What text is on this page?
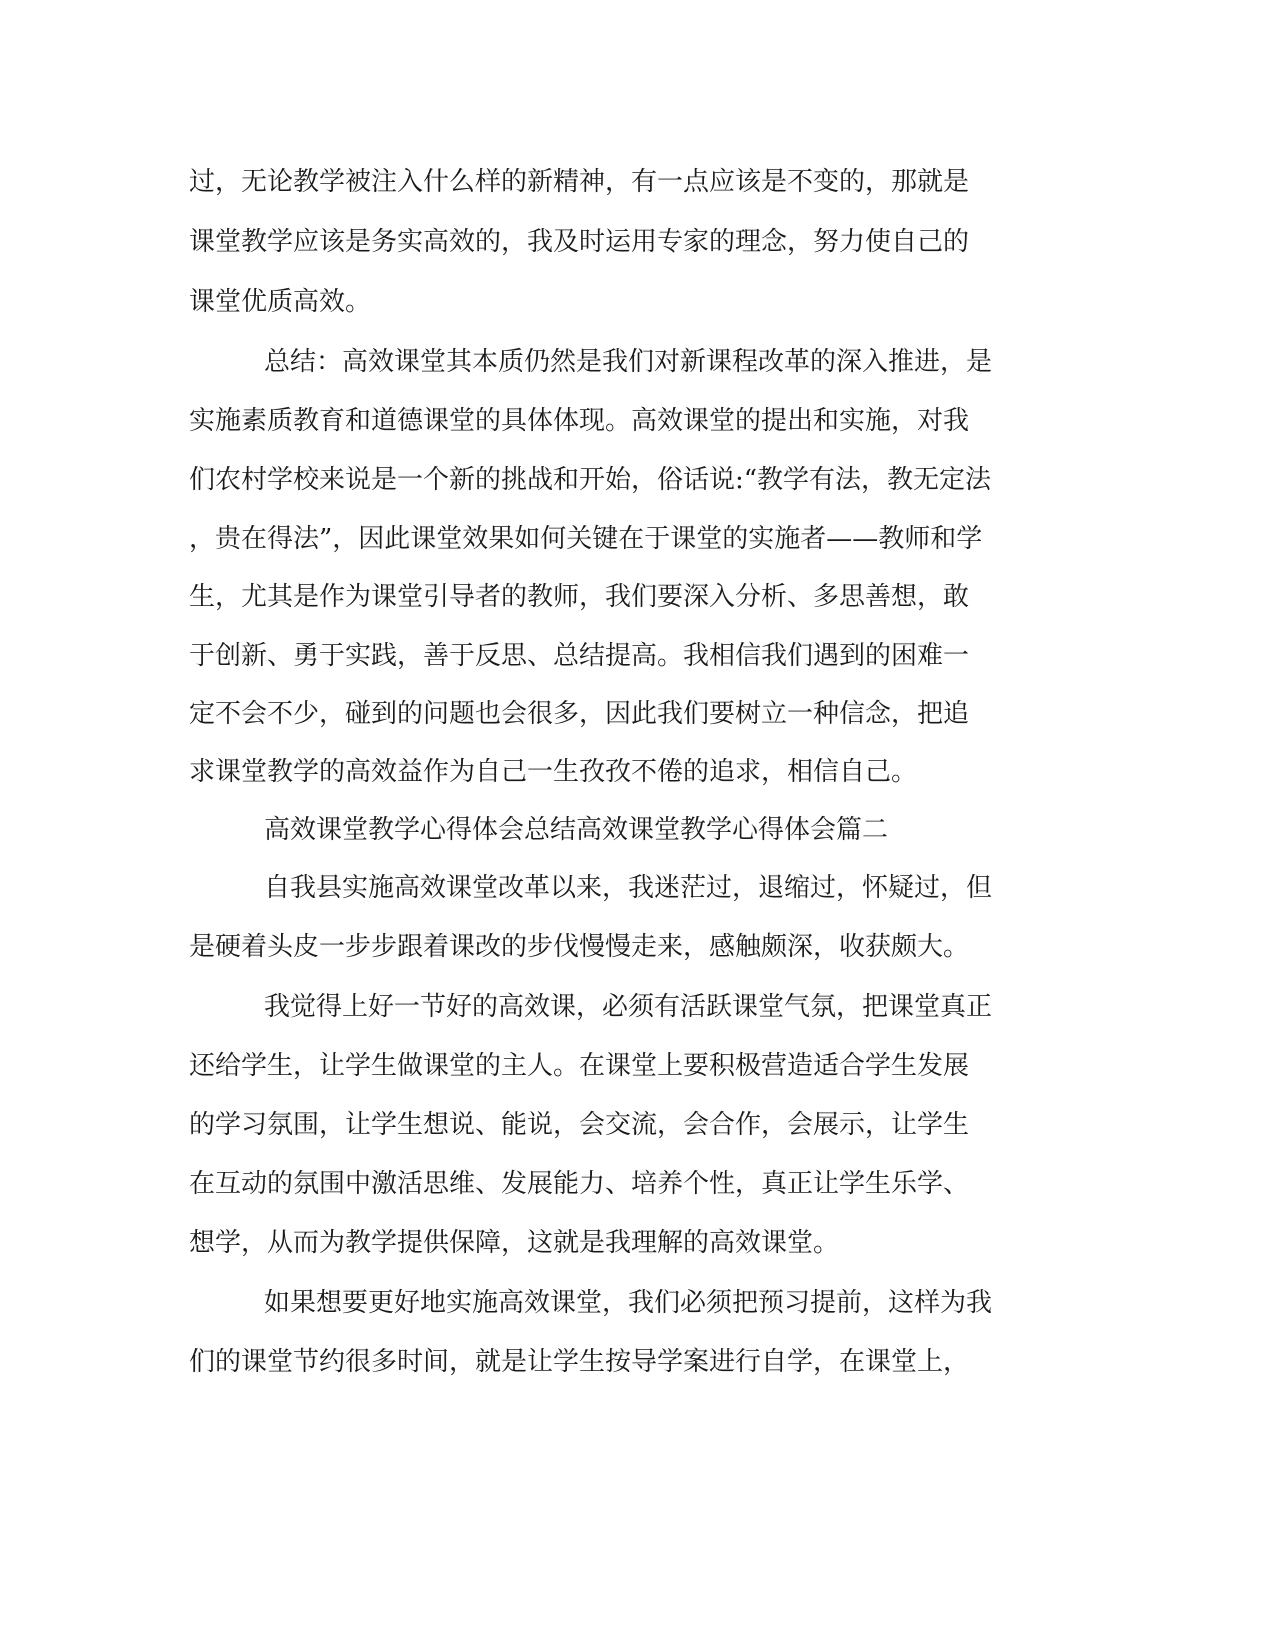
过，无论教学被注入什么样的新精神，有一点应该是不变的，那就是
课堂教学应该是务实高效的，我及时运用专家的理念，努力使自己的
课堂优质高效。
总结：高效课堂其本质仍然是我们对新课程改革的深入推进，是
实施素质教育和道德课堂的具体体现。高效课堂的提出和实施，对我
们农村学校来说是一个新的挑战和开始，俗话说:“教学有法，教无定法
，贵在得法”，因此课堂效果如何关键在于课堂的实施者——教师和学
生，尤其是作为课堂引导者的教师，我们要深入分析、多思善想，敢
于创新、勇于实践，善于反思、总结提高。我相信我们遇到的困难一
定不会不少，碰到的问题也会很多，因此我们要树立一种信念，把追
求课堂教学的高效益作为自己一生孜孜不倦的追求，相信自己。
高效课堂教学心得体会总结高效课堂教学心得体会篇二
自我县实施高效课堂改革以来，我迷茫过，退缩过，怀疑过，但
是硬着头皮一步步跟着课改的步伐慢慢走来，感触颇深，收获颇大。
我觉得上好一节好的高效课，必须有活跃课堂气氛，把课堂真正
还给学生，让学生做课堂的主人。在课堂上要积极营造适合学生发展
的学习氛围，让学生想说、能说，会交流，会合作，会展示，让学生
在互动的氛围中激活思维、发展能力、培养个性，真正让学生乐学、
想学，从而为教学提供保障，这就是我理解的高效课堂。
如果想要更好地实施高效课堂，我们必须把预习提前，这样为我
们的课堂节约很多时间，就是让学生按导学案进行自学，在课堂上，
